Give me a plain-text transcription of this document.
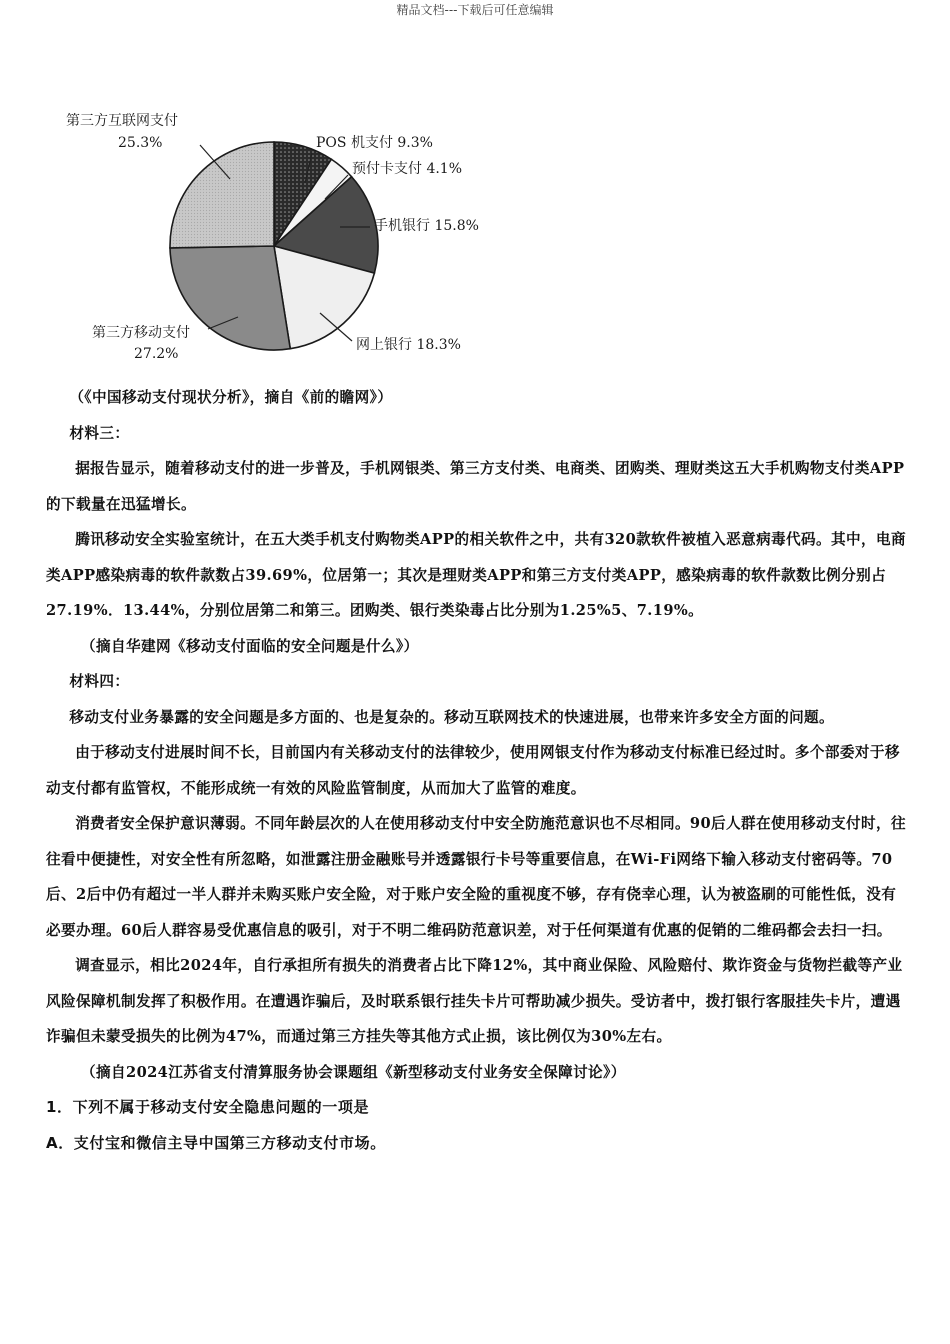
精品文档---下载后可任意编辑
POS 机支付 9.3%
预付卡支付 4.1%
手机银行 15.8%
网上银行 18.3%
第三方移动支付
27.2%
第三方互联网支付
25.3%

（《中国移动支付现状分析》，摘自《前的瞻网》）

材料三：

据报告显示，随着移动支付的进一步普及，手机网银类、第三方支付类、电商类、团购类、理财类这五大手机购物支付类APP的下载量在迅猛增长。

腾讯移动安全实验室统计，在五大类手机支付购物类APP的相关软件之中，共有320款软件被植入恶意病毒代码。其中，电商类APP感染病毒的软件款数占39.69%，位居第一；其次是理财类APP和第三方支付类APP，感染病毒的软件款数比例分别占27.19%．13.44%，分别位居第二和第三。团购类、银行类染毒占比分别为1.25%5、7.19%。

（摘自华建网《移动支付面临的安全问题是什么》）

材料四：

移动支付业务暴露的安全问题是多方面的、也是复杂的。移动互联网技术的快速进展，也带来许多安全方面的问题。

由于移动支付进展时间不长，目前国内有关移动支付的法律较少，使用网银支付作为移动支付标准已经过时。多个部委对于移动支付都有监管权，不能形成统一有效的风险监管制度，从而加大了监管的难度。

消费者安全保护意识薄弱。不同年龄层次的人在使用移动支付中安全防施范意识也不尽相同。90后人群在使用移动支付时，往往看中便捷性，对安全性有所忽略，如泄露注册金融账号并透露银行卡号等重要信息，在Wi-Fi网络下输入移动支付密码等。70后、2后中仍有超过一半人群并未购买账户安全险，对于账户安全险的重视度不够，存有侥幸心理，认为被盗刷的可能性低，没有必要办理。60后人群容易受优惠信息的吸引，对于不明二维码防范意识差，对于任何渠道有优惠的促销的二维码都会去扫一扫。

调查显示，相比2024年，自行承担所有损失的消费者占比下降12%，其中商业保险、风险赔付、欺诈资金与货物拦截等产业风险保障机制发挥了积极作用。在遭遇诈骗后，及时联系银行挂失卡片可帮助减少损失。受访者中，拨打银行客服挂失卡片，遭遇诈骗但未蒙受损失的比例为47%，而通过第三方挂失等其他方式止损，该比例仅为30%左右。

（摘自2024江苏省支付清算服务协会课题组《新型移动支付业务安全保障讨论》）

1．下列不属于移动支付安全隐患问题的一项是

A．支付宝和微信主导中国第三方移动支付市场。
